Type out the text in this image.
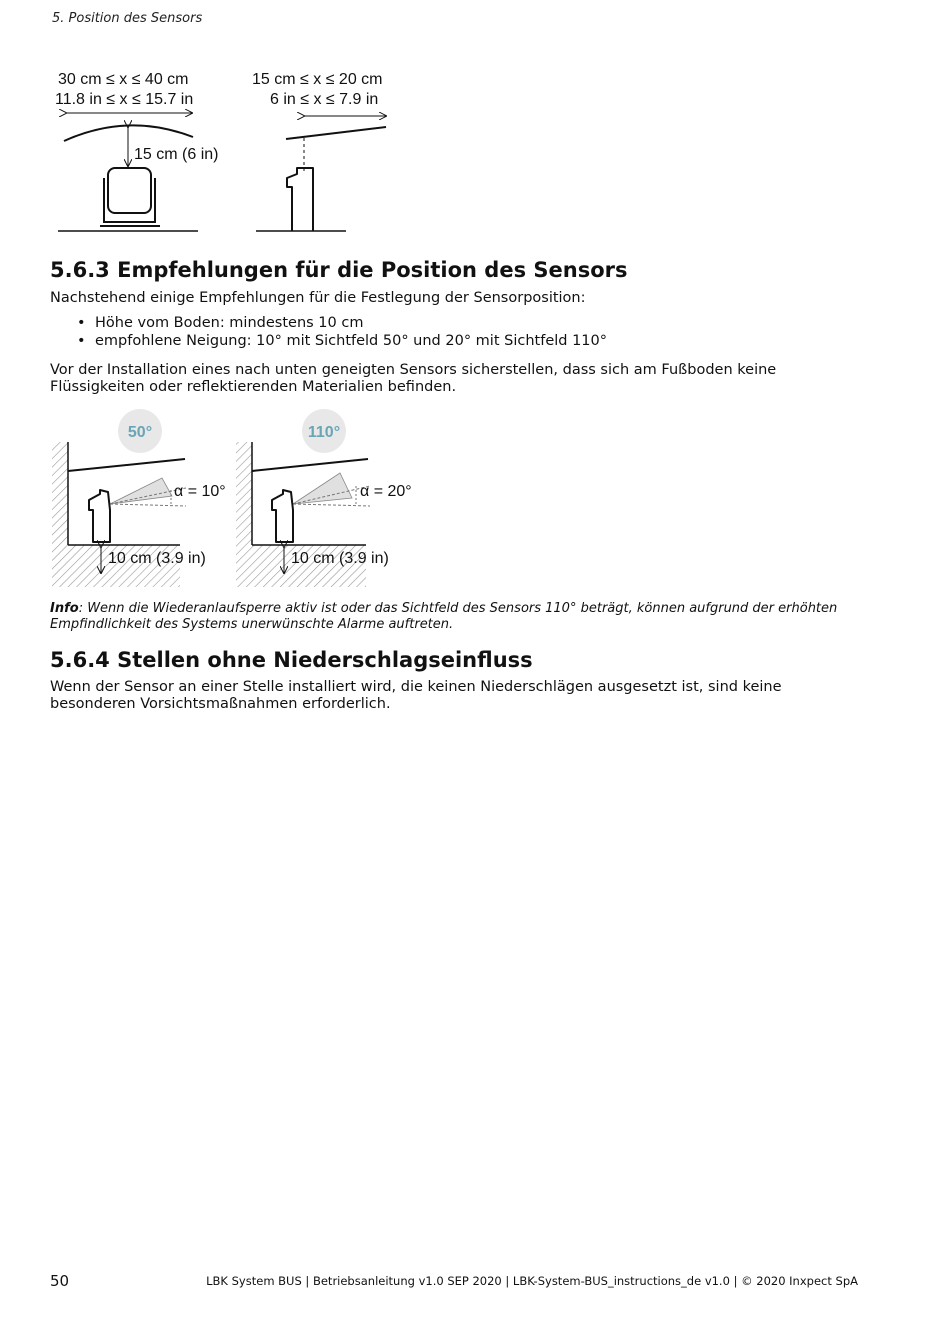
5. Position des Sensors
30 cm ≤ x ≤ 40 cm
11.8 in ≤ x ≤ 15.7 in
15 cm (6 in)
15 cm ≤ x ≤ 20 cm
6 in ≤ x ≤ 7.9 in
5.6.3 Empfehlungen für die Position des Sensors

Nachstehend einige Empfehlungen für die Festlegung der Sensorposition:

• Höhe vom Boden: mindestens 10 cm
• empfohlene Neigung: 10° mit Sichtfeld 50° und 20° mit Sichtfeld 110°

Vor der Installation eines nach unten geneigten Sensors sicherstellen, dass sich am Fußboden keine

Flüssigkeiten oder reflektierenden Materialien befinden.

50°
α = 10°
10 cm (3.9 in)
110°
α = 20°
10 cm (3.9 in)

Info: Wenn die Wiederanlaufsperre aktiv ist oder das Sichtfeld des Sensors 110° beträgt, können aufgrund der erhöhten Empfindlichkeit des Systems unerwünschte Alarme auftreten.

5.6.4 Stellen ohne Niederschlagseinfluss

Wenn der Sensor an einer Stelle installiert wird, die keinen Niederschlägen ausgesetzt ist, sind keine

besonderen Vorsichtsmaßnahmen erforderlich.

50	LBK System BUS | Betriebsanleitung v1.0 SEP 2020 | LBK-System-BUS_instructions_de v1.0 | © 2020 Inxpect SpA
